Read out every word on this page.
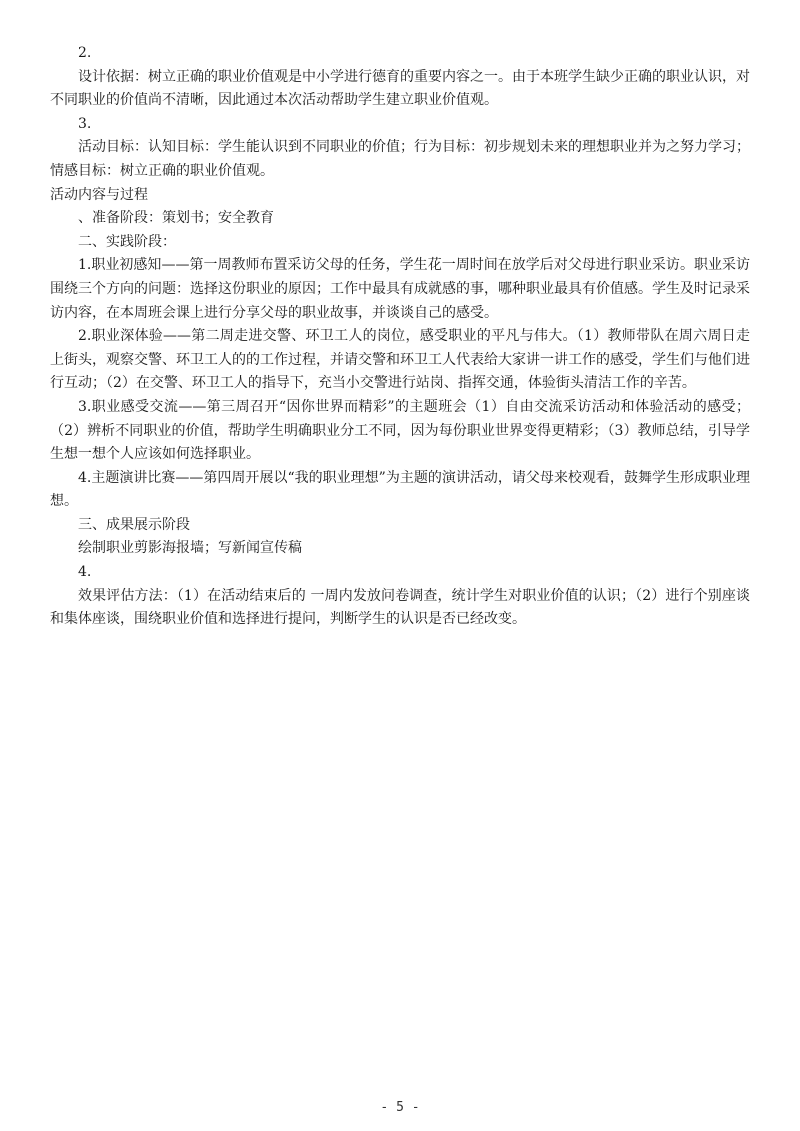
2.

设计依据：树立正确的职业价值观是中小学进行德育的重要内容之一。由于本班学生缺少正确的职业认识，对不同职业的价值尚不清晰，因此通过本次活动帮助学生建立职业价值观。

3.

活动目标：认知目标：学生能认识到不同职业的价值；行为目标：初步规划未来的理想职业并为之努力学习；情感目标：树立正确的职业价值观。

活动内容与过程

、准备阶段：策划书；安全教育

二、实践阶段：

1.职业初感知——第一周教师布置采访父母的任务，学生花一周时间在放学后对父母进行职业采访。职业采访围绕三个方向的问题：选择这份职业的原因；工作中最具有成就感的事，哪种职业最具有价值感。学生及时记录采访内容，在本周班会课上进行分享父母的职业故事，并谈谈自己的感受。

2.职业深体验——第二周走进交警、环卫工人的岗位，感受职业的平凡与伟大。（1）教师带队在周六周日走上街头，观察交警、环卫工人的的工作过程，并请交警和环卫工人代表给大家讲一讲工作的感受，学生们与他们进行互动；（2）在交警、环卫工人的指导下，充当小交警进行站岗、指挥交通，体验街头清洁工作的辛苦。

3.职业感受交流——第三周召开“因你世界而精彩”的主题班会（1）自由交流采访活动和体验活动的感受；（2）辨析不同职业的价值，帮助学生明确职业分工不同，因为每份职业世界变得更精彩；（3）教师总结，引导学生想一想个人应该如何选择职业。

4.主题演讲比赛——第四周开展以“我的职业理想”为主题的演讲活动，请父母来校观看，鼓舞学生形成职业理想。

三、成果展示阶段

绘制职业剪影海报墙；写新闻宣传稿

4.

效果评估方法：（1）在活动结束后的 一周内发放问卷调查，统计学生对职业价值的认识；（2）进行个别座谈和集体座谈，围绕职业价值和选择进行提问，判断学生的认识是否已经改变。

- 5 -
